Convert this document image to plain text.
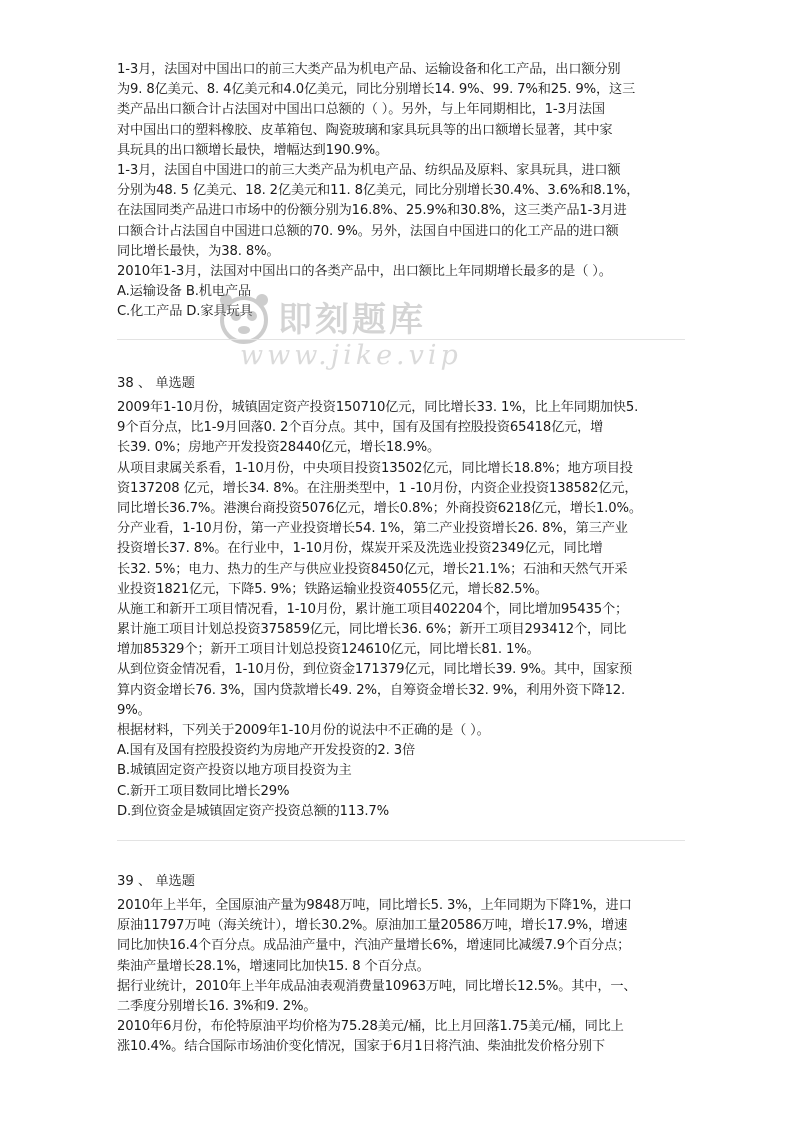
1-3月，法国对中国出口的前三大类产品为机电产品、运输设备和化工产品，出口额分别
为9. 8亿美元、8. 4亿美元和4.0亿美元，同比分别增长14. 9%、99. 7%和25. 9%，这三
类产品出口额合计占法国对中国出口总额的（ ）。另外，与上年同期相比，1-3月法国
对中国出口的塑料橡胶、皮革箱包、陶瓷玻璃和家具玩具等的出口额增长显著，其中家
具玩具的出口额增长最快，增幅达到190.9%。
1-3月，法国自中国进口的前三大类产品为机电产品、纺织品及原料、家具玩具，进口额
分别为48. 5 亿美元、18. 2亿美元和11. 8亿美元，同比分别增长30.4%、3.6%和8.1%，
在法国同类产品进口市场中的份额分别为16.8%、25.9%和30.8%，这三类产品1-3月进
口额合计占法国自中国进口总额的70. 9%。另外，法国自中国进口的化工产品的进口额
同比增长最快，为38. 8%。
2010年1-3月，法国对中国出口的各类产品中，出口额比上年同期增长最多的是（ ）。
A.运输设备 B.机电产品
C.化工产品 D.家具玩具 即刻题库
www.jike.vip
38 、 单选题
2009年1-10月份，城镇固定资产投资150710亿元，同比增长33. 1%，比上年同期加快5.
9个百分点，比1-9月回落0. 2个百分点。其中，国有及国有控股投资65418亿元，增
长39. 0%；房地产开发投资28440亿元，增长18.9%。
从项目隶属关系看，1-10月份，中央项目投资13502亿元，同比增长18.8%；地方项目投
资137208 亿元，增长34. 8%。在注册类型中，1 -10月份，内资企业投资138582亿元，
同比增长36.7%。港澳台商投资5076亿元，增长0.8%；外商投资6218亿元，增长1.0%。
分产业看，1-10月份，第一产业投资增长54. 1%，第二产业投资增长26. 8%，第三产业
投资增长37. 8%。在行业中，1-10月份，煤炭开采及洗选业投资2349亿元，同比增
长32. 5%；电力、热力的生产与供应业投资8450亿元，增长21.1%；石油和天然气开采
业投资1821亿元，下降5. 9%；铁路运输业投资4055亿元，增长82.5%。
从施工和新开工项目情况看，1-10月份，累计施工项目402204个，同比增加95435个；
累计施工项目计划总投资375859亿元，同比增长36. 6%；新开工项目293412个，同比
增加85329个；新开工项目计划总投资124610亿元，同比增长81. 1%。
从到位资金情况看，1-10月份，到位资金171379亿元，同比增长39. 9%。其中，国家预
算内资金增长76. 3%，国内贷款增长49. 2%，自筹资金增长32. 9%，利用外资下降12.
9%。
根据材料，下列关于2009年1-10月份的说法中不正确的是（ ）。
A.国有及国有控股投资约为房地产开发投资的2. 3倍
B.城镇固定资产投资以地方项目投资为主
C.新开工项目数同比增长29%
D.到位资金是城镇固定资产投资总额的113.7%
39 、 单选题
2010年上半年，全国原油产量为9848万吨，同比增长5. 3%，上年同期为下降1%，进口
原油11797万吨（海关统计），增长30.2%。原油加工量20586万吨，增长17.9%，增速
同比加快16.4个百分点。成品油产量中，汽油产量增长6%，增速同比减缓7.9个百分点；
柴油产量增长28.1%，增速同比加快15. 8 个百分点。
据行业统计，2010年上半年成品油表观消费量10963万吨，同比增长12.5%。其中，一、
二季度分别增长16. 3%和9. 2%。
2010年6月份，布伦特原油平均价格为75.28美元/桶，比上月回落1.75美元/桶，同比上
涨10.4%。结合国际市场油价变化情况，国家于6月1日将汽油、柴油批发价格分别下
